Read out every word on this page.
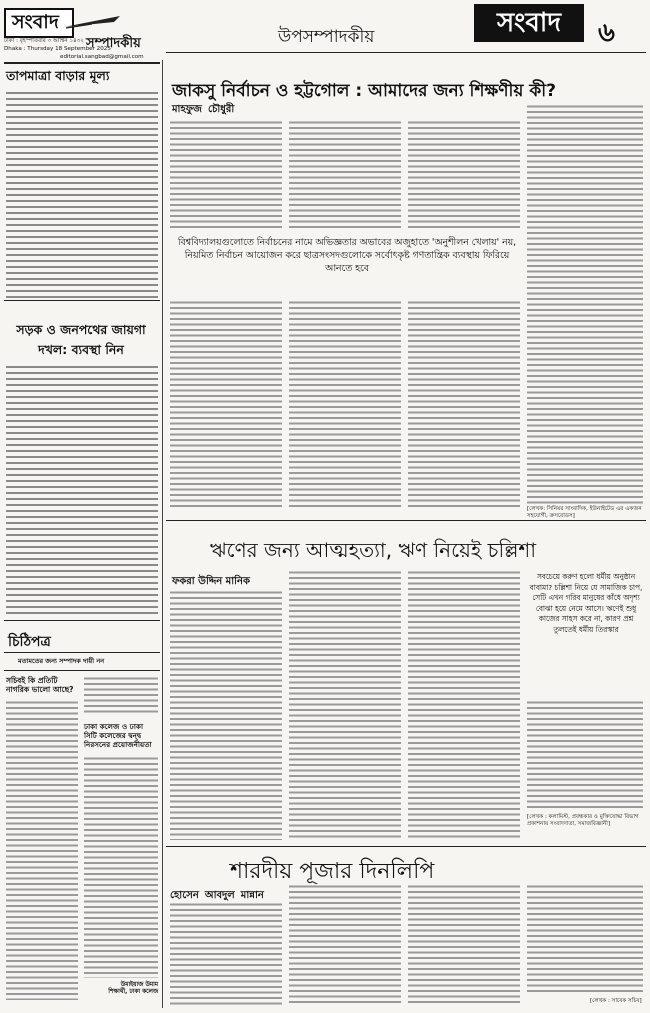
সংবাদ
ঢাকা : বৃহস্পতিবার ৩ আশ্বিন ১৪৩২ সম্পাদকীয়
Dhaka : Thursday 18 September 2025
editorial.sangbad@gmail.com
উপসম্পাদকীয়	সংবাদ	৬
তাপমাত্রা বাড়ার মূল্য
সড়ক ও জনপথের জায়গা দখল: ব্যবস্থা নিন
চিঠিপত্র
মতামতের জন্য সম্পাদক দায়ী নন
সচিবই কি প্রতিটি নাগরিক ভালো আছে?
ঢাকা কলেজ ও ঢাকা সিটি কলেজের দ্বন্দ্ব নিরসনের প্রয়োজনীয়তা
উমাইয়াজ উমাম
শিক্ষার্থী, ঢাকা কলেজ
জাকসু নির্বাচন ও হট্টগোল : আমাদের জন্য শিক্ষণীয় কী?
মাহফুজ চৌধুরী
বিশ্ববিদ্যালয়গুলোতে নির্বাচনের নামে অভিজ্ঞতার অভাবের অজুহাতে 'অনুশীলন খেলায়' নয়, নিয়মিত নির্বাচন আয়োজন করে ছাত্রসংসদগুলোকে সর্বোৎকৃষ্ট গণতান্ত্রিক ব্যবস্থায় ফিরিয়ে আনতে হবে
[লেখক: সিনিয়র সাংবাদিক, ইউনাইটেড এর একজন সহযোগী, ক্রসরোডস]
ঋণের জন্য আত্মহত্যা, ঋণ নিয়েই চল্লিশা
ফকরা উদ্দিন মানিক	সবচেয়ে করুণ হলো ধর্মীয় অনুষ্ঠান বাবামা? চল্লিশা নিয়ে যে সামাজিক চাপ, সেটি এখন গরিব মানুষের কাঁধে অদৃশ্য বোঝা হয়ে নেমে আসে। ঋণেই শুধু কাজের সাহস করে না, কারণ প্রশ্ন তুলতেই ধর্মীয় তিরস্কার
[লেখক : কলামিস্ট, প্রবন্ধকার ও মুক্তিযোদ্ধা বিভাগ প্রকাশনায় সংবাদদাতা, সমাজবিজ্ঞানী]
শারদীয় পূজার দিনলিপি
হোসেন আবদুল মান্নান
[লেখক : সাবেক সচিব]
